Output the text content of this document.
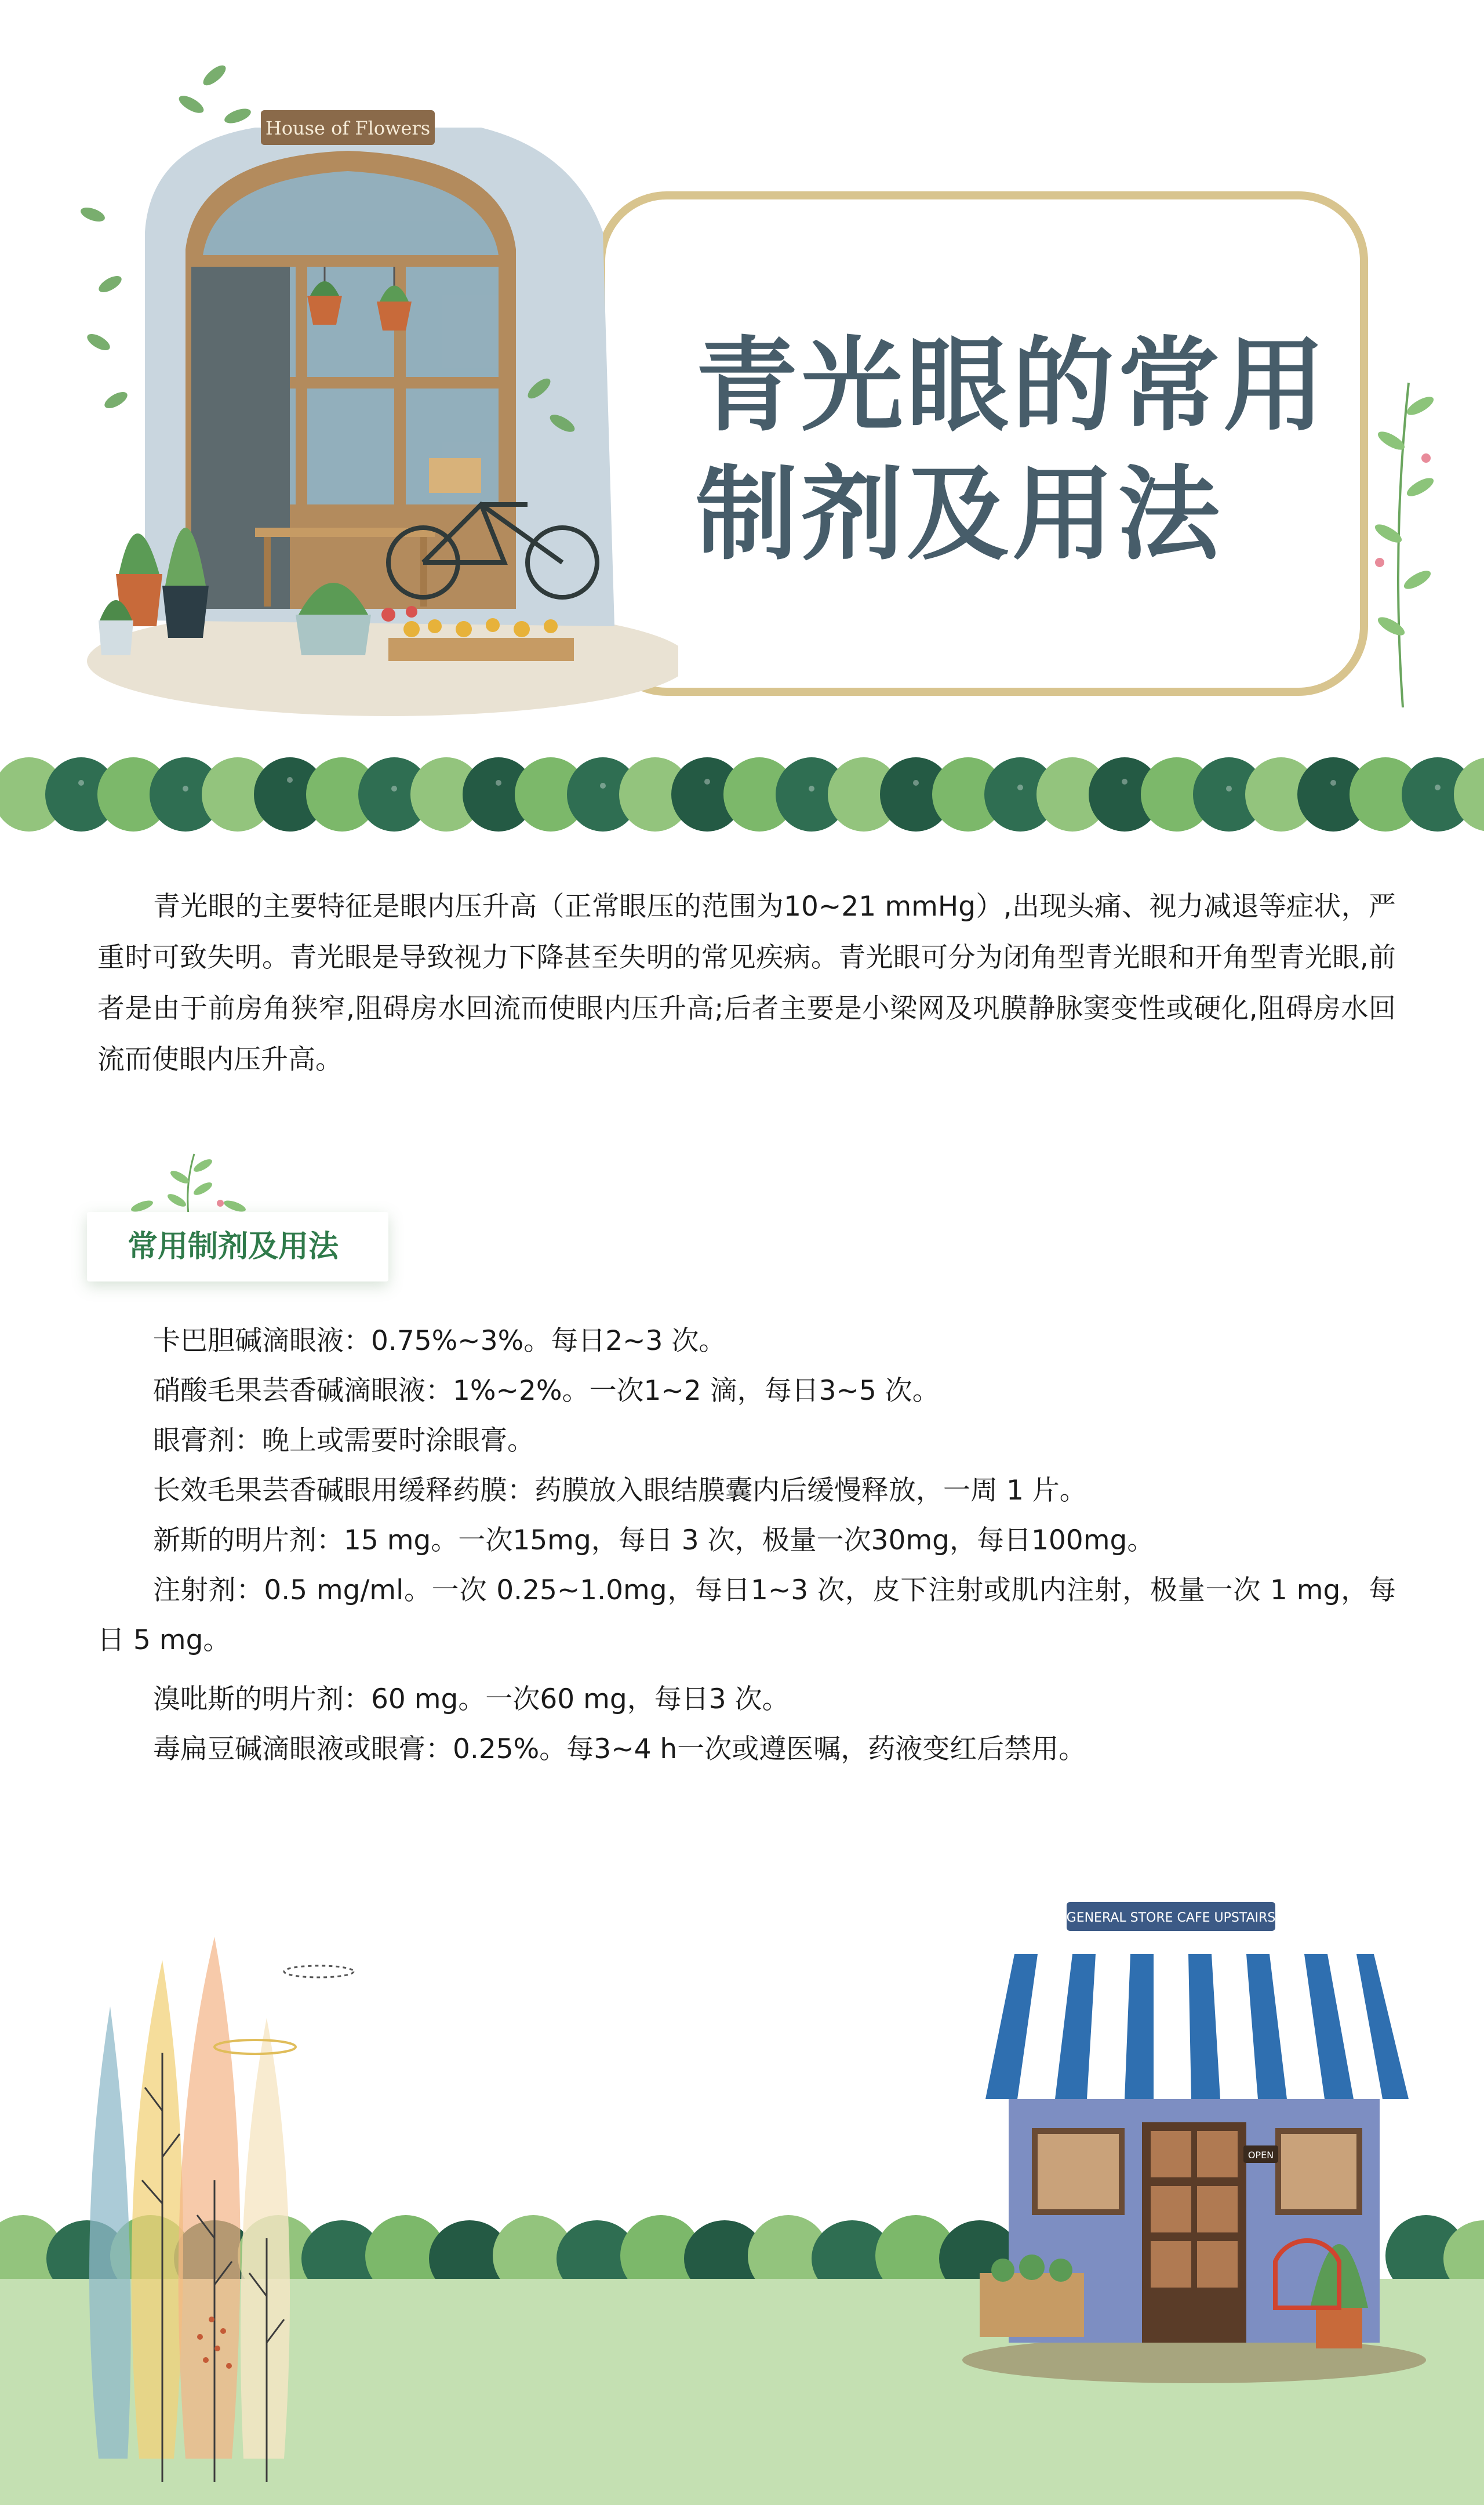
House of Flowers
青光眼的常用
制剂及用法

青光眼的主要特征是眼内压升高（正常眼压的范围为10~21 mmHg）,出现头痛、视力减退等症状，严重时可致失明。青光眼是导致视力下降甚至失明的常见疾病。青光眼可分为闭角型青光眼和开角型青光眼,前者是由于前房角狭窄,阻碍房水回流而使眼内压升高;后者主要是小梁网及巩膜静脉窦变性或硬化,阻碍房水回流而使眼内压升高。

常用制剂及用法
卡巴胆碱滴眼液：0.75%~3%。每日2~3 次。
硝酸毛果芸香碱滴眼液：1%~2%。一次1~2 滴，每日3~5 次。
眼膏剂：晚上或需要时涂眼膏。
长效毛果芸香碱眼用缓释药膜：药膜放入眼结膜囊内后缓慢释放，一周 1 片。
新斯的明片剂：15 mg。一次15mg，每日 3 次，极量一次30mg，每日100mg。
注射剂：0.5 mg/ml。一次 0.25~1.0mg，每日1~3 次，皮下注射或肌内注射，极量一次 1 mg，每日 5 mg。
溴吡斯的明片剂：60 mg。一次60 mg，每日3 次。
毒扁豆碱滴眼液或眼膏：0.25%。每3~4 h一次或遵医嘱，药液变红后禁用。
GENERAL STORE CAFE UPSTAIRS
OPEN
